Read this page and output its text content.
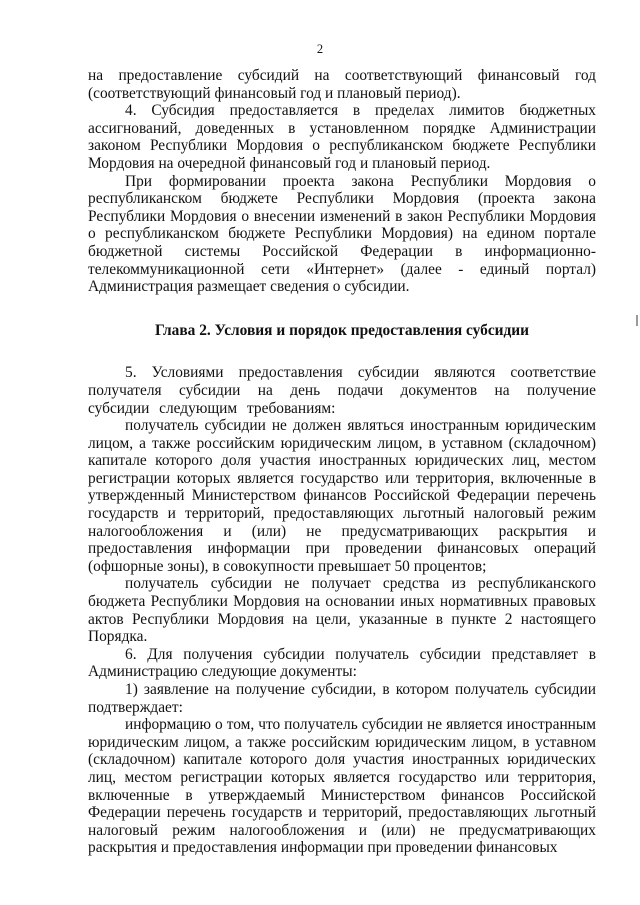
2

на предоставление субсидий на соответствующий финансовый год (соответствующий финансовый год и плановый период).

4. Субсидия предоставляется в пределах лимитов бюджетных ассигнований, доведенных в установленном порядке Администрации законом Республики Мордовия о республиканском бюджете Республики Мордовия на очередной финансовый год и плановый период.

При формировании проекта закона Республики Мордовия о республиканском бюджете Республики Мордовия (проекта закона Республики Мордовия о внесении изменений в закон Республики Мордовия о республиканском бюджете Республики Мордовия) на едином портале бюджетной системы Российской Федерации в информационно-телекоммуникационной сети «Интернет» (далее - единый портал) Администрация размещает сведения о субсидии.

Глава 2. Условия и порядок предоставления субсидии

5. Условиями предоставления субсидии являются соответствие получателя субсидии на день подачи документов на получение субсидии следующим требованиям:

получатель субсидии не должен являться иностранным юридическим лицом, а также российским юридическим лицом, в уставном (складочном) капитале которого доля участия иностранных юридических лиц, местом регистрации которых является государство или территория, включенные в утвержденный Министерством финансов Российской Федерации перечень государств и территорий, предоставляющих льготный налоговый режим налогообложения и (или) не предусматривающих раскрытия и предоставления информации при проведении финансовых операций (офшорные зоны), в совокупности превышает 50 процентов;

получатель субсидии не получает средства из республиканского бюджета Республики Мордовия на основании иных нормативных правовых актов Республики Мордовия на цели, указанные в пункте 2 настоящего Порядка.

6. Для получения субсидии получатель субсидии представляет в Администрацию следующие документы:

1) заявление на получение субсидии, в котором получатель субсидии подтверждает:

информацию о том, что получатель субсидии не является иностранным юридическим лицом, а также российским юридическим лицом, в уставном (складочном) капитале которого доля участия иностранных юридических лиц, местом регистрации которых является государство или территория, включенные в утверждаемый Министерством финансов Российской Федерации перечень государств и территорий, предоставляющих льготный налоговый режим налогообложения и (или) не предусматривающих раскрытия и предоставления информации при проведении финансовых
